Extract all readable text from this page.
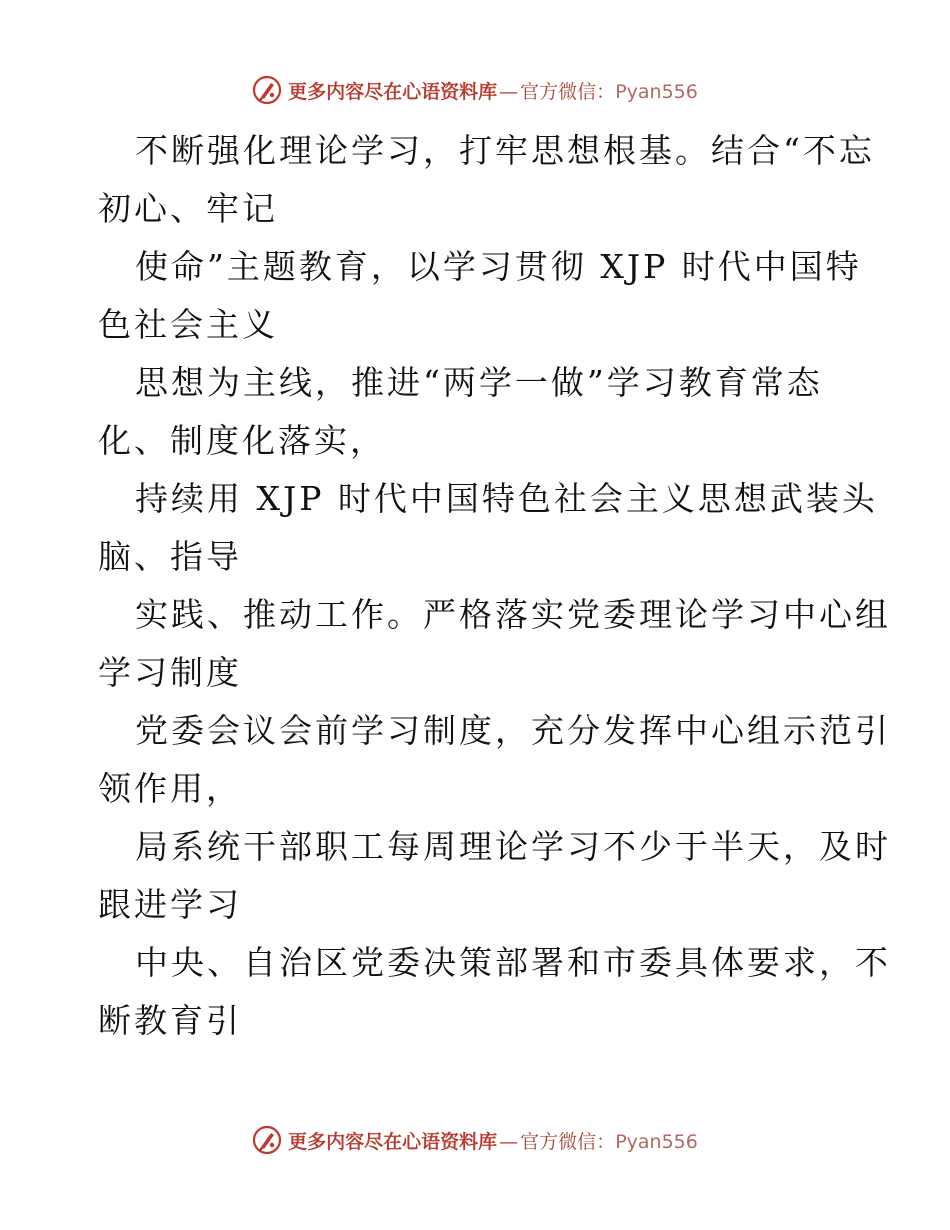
更多内容尽在心语资料库 — 官方微信： Pyan556
不断强化理论学习，打牢思想根基。结合“不忘
初心、牢记
使命”主题教育，以学习贯彻 XJP 时代中国特
色社会主义
思想为主线，推进“两学一做”学习教育常态
化、制度化落实，
持续用 XJP 时代中国特色社会主义思想武装头
脑、指导
实践、推动工作。严格落实党委理论学习中心组
学习制度
党委会议会前学习制度，充分发挥中心组示范引
领作用，
局系统干部职工每周理论学习不少于半天，及时
跟进学习
中央、自治区党委决策部署和市委具体要求，不
断教育引
更多内容尽在心语资料库 — 官方微信： Pyan556
